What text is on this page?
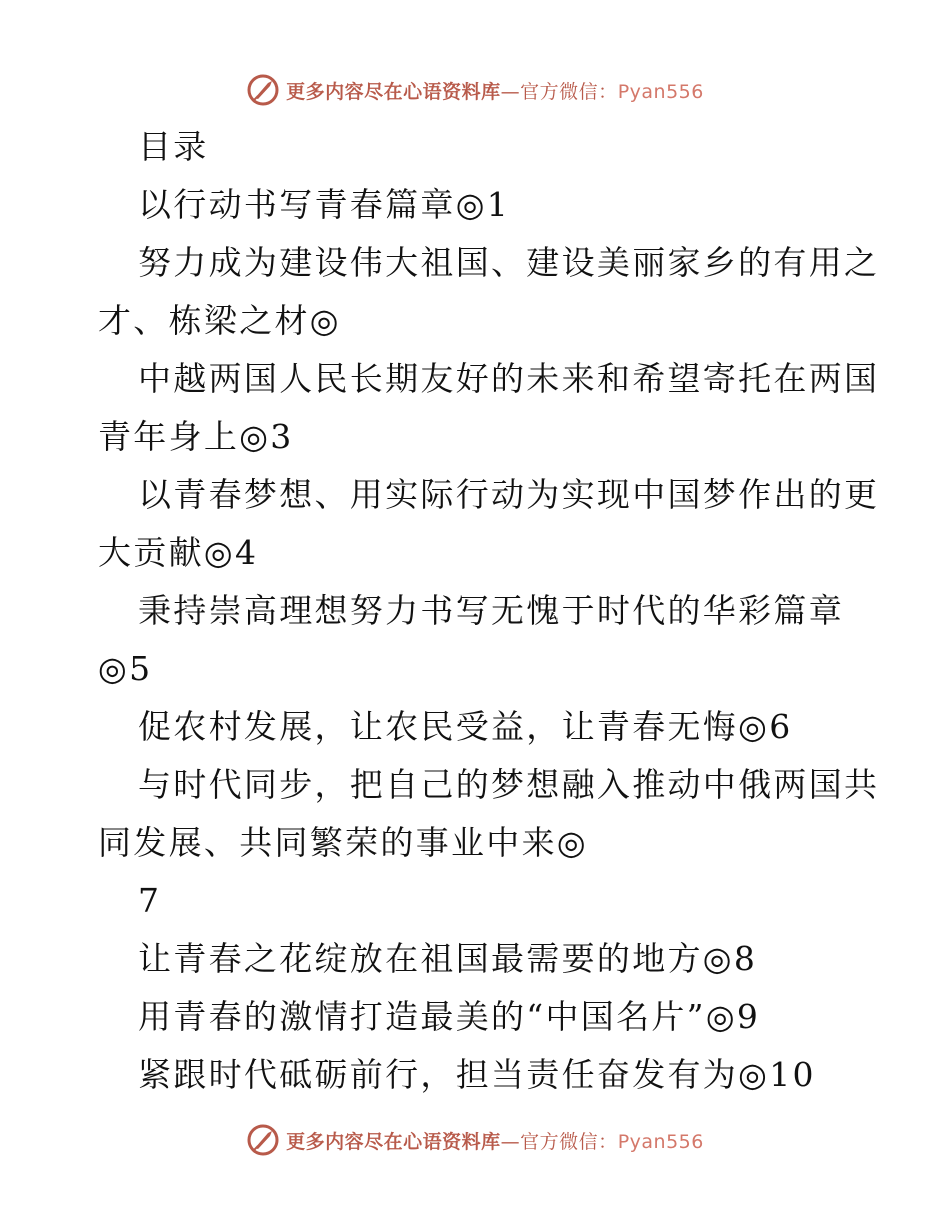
更多内容尽在心语资料库—官方微信：Pyan556
目录
以行动书写青春篇章◎1
努力成为建设伟大祖国、建设美丽家乡的有用之
才、栋梁之材◎
中越两国人民长期友好的未来和希望寄托在两国
青年身上◎3
以青春梦想、用实际行动为实现中国梦作出的更
大贡献◎4
秉持崇高理想努力书写无愧于时代的华彩篇章
◎5
促农村发展，让农民受益，让青春无悔◎6
与时代同步，把自己的梦想融入推动中俄两国共
同发展、共同繁荣的事业中来◎
7
让青春之花绽放在祖国最需要的地方◎8
用青春的激情打造最美的“中国名片”◎9
紧跟时代砥砺前行，担当责任奋发有为◎10
更多内容尽在心语资料库—官方微信：Pyan556
